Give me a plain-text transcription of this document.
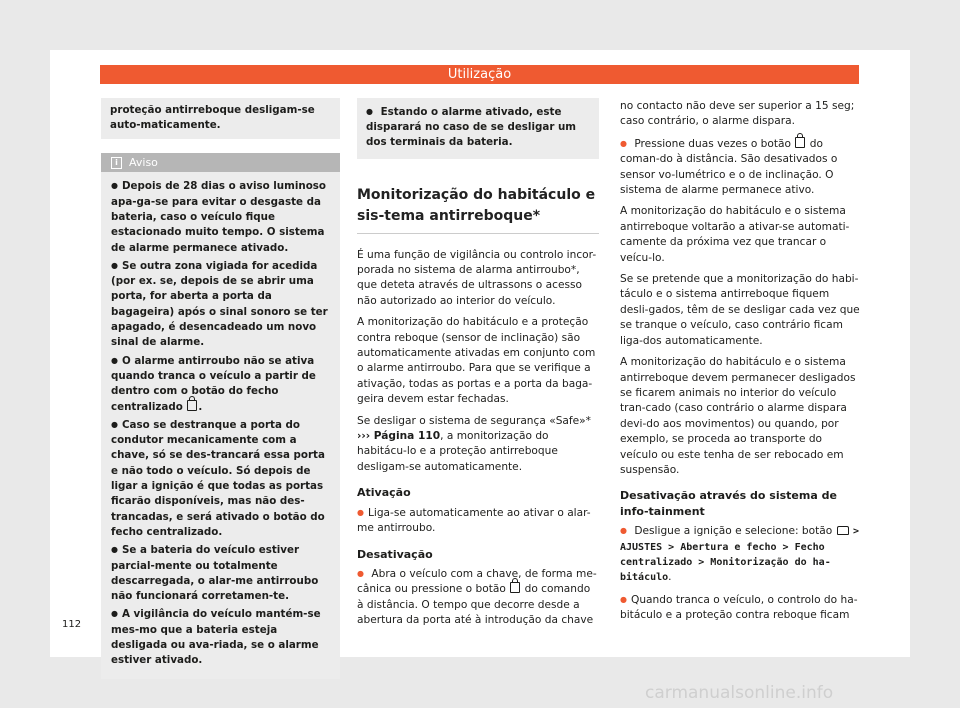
Utilização
proteção antirreboque desligam-se auto-maticamente.
i	Aviso

● Depois de 28 dias o aviso luminoso apa-ga-se para evitar o desgaste da bateria, caso o veículo fique estacionado muito tempo. O sistema de alarme permanece ativado.

● Se outra zona vigiada for acedida (por ex. se, depois de se abrir uma porta, for aberta a porta da bagageira) após o sinal sonoro se ter apagado, é desencadeado um novo sinal de alarme.

● O alarme antirroubo não se ativa quando tranca o veículo a partir de dentro com o botão do fecho centralizado .

● Caso se destranque a porta do condutor mecanicamente com a chave, só se des-trancará essa porta e não todo o veículo. Só depois de ligar a ignição é que todas as portas ficarão disponíveis, mas não des-trancadas, e será ativado o botão do fecho centralizado.

● Se a bateria do veículo estiver parcial-mente ou totalmente descarregada, o alar-me antirroubo não funcionará corretamen-te.

● A vigilância do veículo mantém-se mes-mo que a bateria esteja desligada ou ava-riada, se o alarme estiver ativado.

● Estando o alarme ativado, este disparará no caso de se desligar um dos terminais da bateria.
Monitorização do habitáculo e sis-tema antirreboque*

É uma função de vigilância ou controlo incor-porada no sistema de alarma antirroubo*, que deteta através de ultrassons o acesso não autorizado ao interior do veículo.

A monitorização do habitáculo e a proteção contra reboque (sensor de inclinação) são automaticamente ativadas em conjunto com o alarme antirroubo. Para que se verifique a ativação, todas as portas e a porta da baga-geira devem estar fechadas.

Se desligar o sistema de segurança «Safe»* ››› Página 110, a monitorização do habitácu-lo e a proteção antirreboque desligam-se automaticamente.

Ativação

● Liga-se automaticamente ao ativar o alar-me antirroubo.

Desativação

● Abra o veículo com a chave, de forma me-cânica ou pressione o botão do comando à distância. O tempo que decorre desde a abertura da porta até à introdução da chave

no contacto não deve ser superior a 15 seg; caso contrário, o alarme dispara.

● Pressione duas vezes o botão do coman-do à distância. São desativados o sensor vo-lumétrico e o de inclinação. O sistema de alarme permanece ativo.

A monitorização do habitáculo e o sistema antirreboque voltarão a ativar-se automati-camente da próxima vez que trancar o veícu-lo.

Se se pretende que a monitorização do habi-táculo e o sistema antirreboque fiquem desli-gados, têm de se desligar cada vez que se tranque o veículo, caso contrário ficam liga-dos automaticamente.

A monitorização do habitáculo e o sistema antirreboque devem permanecer desligados se ficarem animais no interior do veículo tran-cado (caso contrário o alarme dispara devi-do aos movimentos) ou quando, por exemplo, se proceda ao transporte do veículo ou este tenha de ser rebocado em suspensão.

Desativação através do sistema de info-tainment

● Desligue a ignição e selecione: botão > AJUSTES > Abertura e fecho > Fecho centralizado > Monitorização do ha-bitáculo.

● Quando tranca o veículo, o controlo do ha-bitáculo e a proteção contra reboque ficam

112
carmanualsonline.info
